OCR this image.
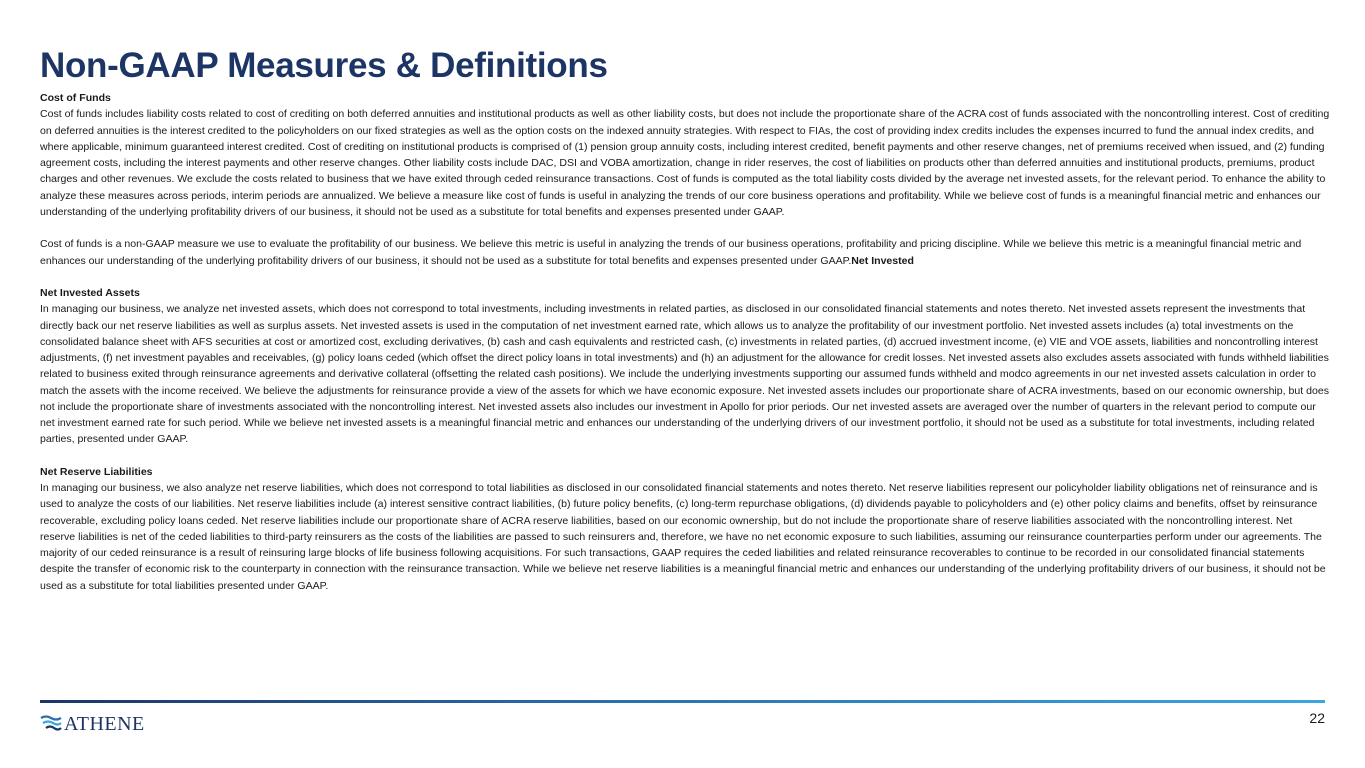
Non-GAAP Measures & Definitions

Cost of Funds

Cost of funds includes liability costs related to cost of crediting on both deferred annuities and institutional products as well as other liability costs, but does not include the proportionate share of the ACRA cost of funds associated with the noncontrolling interest. Cost of crediting on deferred annuities is the interest credited to the policyholders on our fixed strategies as well as the option costs on the indexed annuity strategies. With respect to FIAs, the cost of providing index credits includes the expenses incurred to fund the annual index credits, and where applicable, minimum guaranteed interest credited. Cost of crediting on institutional products is comprised of (1) pension group annuity costs, including interest credited, benefit payments and other reserve changes, net of premiums received when issued, and (2) funding agreement costs, including the interest payments and other reserve changes. Other liability costs include DAC, DSI and VOBA amortization, change in rider reserves, the cost of liabilities on products other than deferred annuities and institutional products, premiums, product charges and other revenues. We exclude the costs related to business that we have exited through ceded reinsurance transactions. Cost of funds is computed as the total liability costs divided by the average net invested assets, for the relevant period. To enhance the ability to analyze these measures across periods, interim periods are annualized. We believe a measure like cost of funds is useful in analyzing the trends of our core business operations and profitability. While we believe cost of funds is a meaningful financial metric and enhances our understanding of the underlying profitability drivers of our business, it should not be used as a substitute for total benefits and expenses presented under GAAP.

Cost of funds is a non-GAAP measure we use to evaluate the profitability of our business. We believe this metric is useful in analyzing the trends of our business operations, profitability and pricing discipline. While we believe this metric is a meaningful financial metric and enhances our understanding of the underlying profitability drivers of our business, it should not be used as a substitute for total benefits and expenses presented under GAAP.Net Invested

Net Invested Assets

In managing our business, we analyze net invested assets, which does not correspond to total investments, including investments in related parties, as disclosed in our consolidated financial statements and notes thereto. Net invested assets represent the investments that directly back our net reserve liabilities as well as surplus assets. Net invested assets is used in the computation of net investment earned rate, which allows us to analyze the profitability of our investment portfolio. Net invested assets includes (a) total investments on the consolidated balance sheet with AFS securities at cost or amortized cost, excluding derivatives, (b) cash and cash equivalents and restricted cash, (c) investments in related parties, (d) accrued investment income, (e) VIE and VOE assets, liabilities and noncontrolling interest adjustments, (f) net investment payables and receivables, (g) policy loans ceded (which offset the direct policy loans in total investments) and (h) an adjustment for the allowance for credit losses. Net invested assets also excludes assets associated with funds withheld liabilities related to business exited through reinsurance agreements and derivative collateral (offsetting the related cash positions). We include the underlying investments supporting our assumed funds withheld and modco agreements in our net invested assets calculation in order to match the assets with the income received. We believe the adjustments for reinsurance provide a view of the assets for which we have economic exposure. Net invested assets includes our proportionate share of ACRA investments, based on our economic ownership, but does not include the proportionate share of investments associated with the noncontrolling interest. Net invested assets also includes our investment in Apollo for prior periods. Our net invested assets are averaged over the number of quarters in the relevant period to compute our net investment earned rate for such period. While we believe net invested assets is a meaningful financial metric and enhances our understanding of the underlying drivers of our investment portfolio, it should not be used as a substitute for total investments, including related parties, presented under GAAP.

Net Reserve Liabilities

In managing our business, we also analyze net reserve liabilities, which does not correspond to total liabilities as disclosed in our consolidated financial statements and notes thereto. Net reserve liabilities represent our policyholder liability obligations net of reinsurance and is used to analyze the costs of our liabilities. Net reserve liabilities include (a) interest sensitive contract liabilities, (b) future policy benefits, (c) long-term repurchase obligations, (d) dividends payable to policyholders and (e) other policy claims and benefits, offset by reinsurance recoverable, excluding policy loans ceded. Net reserve liabilities include our proportionate share of ACRA reserve liabilities, based on our economic ownership, but do not include the proportionate share of reserve liabilities associated with the noncontrolling interest. Net reserve liabilities is net of the ceded liabilities to third-party reinsurers as the costs of the liabilities are passed to such reinsurers and, therefore, we have no net economic exposure to such liabilities, assuming our reinsurance counterparties perform under our agreements. The majority of our ceded reinsurance is a result of reinsuring large blocks of life business following acquisitions. For such transactions, GAAP requires the ceded liabilities and related reinsurance recoverables to continue to be recorded in our consolidated financial statements despite the transfer of economic risk to the counterparty in connection with the reinsurance transaction. While we believe net reserve liabilities is a meaningful financial metric and enhances our understanding of the underlying profitability drivers of our business, it should not be used as a substitute for total liabilities presented under GAAP.

ATHENE	22
